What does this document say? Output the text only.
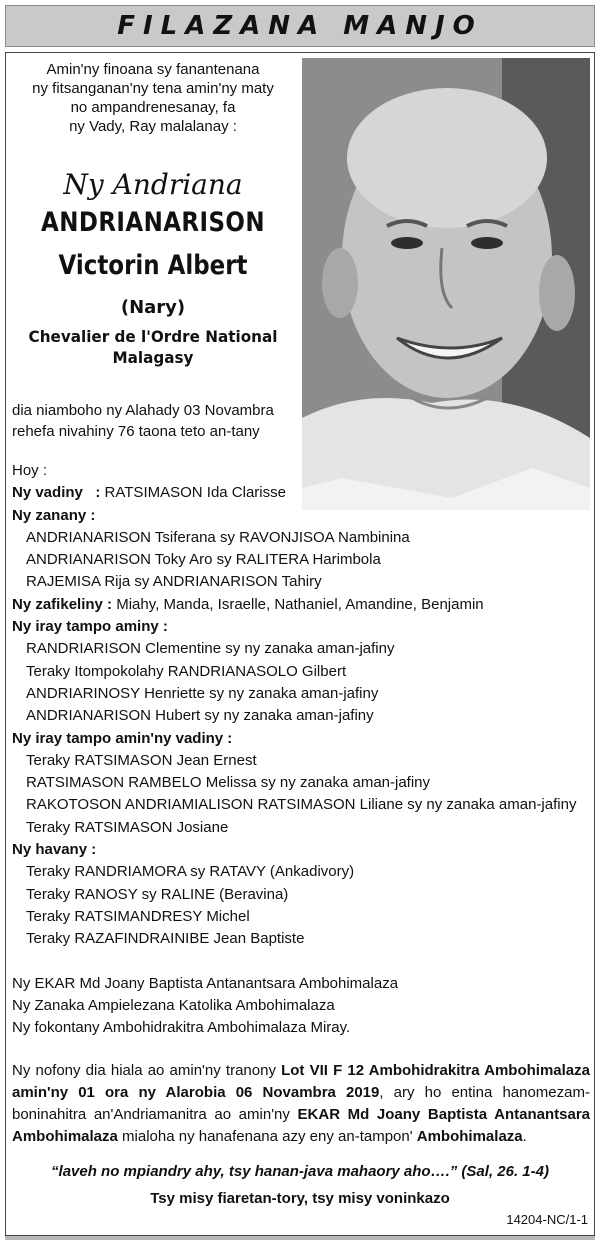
FILAZANA MANJO
Amin'ny finoana sy fanantenana
ny fitsanganan'ny tena amin'ny maty
no ampandrenesanay, fa
ny Vady, Ray malalanay :
Ny Andriana
ANDRIANARISON
Victorin Albert
(Nary)
Chevalier de l'Ordre National
Malagasy
dia niamboho ny Alahady 03 Novambra
rehefa nivahiny 76 taona teto an-tany
Hoy :
Ny vadiny   : RATSIMASON Ida Clarisse
Ny zanany :
ANDRIANARISON Tsiferana sy RAVONJISOA Nambinina
ANDRIANARISON Toky Aro sy RALITERA Harimbola
RAJEMISA Rija sy ANDRIANARISON Tahiry
Ny zafikeliny : Miahy, Manda, Israelle, Nathaniel, Amandine, Benjamin
Ny iray tampo aminy :
RANDRIARISON Clementine sy ny zanaka aman-jafiny
Teraky Itompokolahy RANDRIANASOLO Gilbert
ANDRIARINOSY Henriette sy ny zanaka aman-jafiny
ANDRIANARISON Hubert sy ny zanaka aman-jafiny
Ny iray tampo amin'ny vadiny :
Teraky RATSIMASON Jean Ernest
RATSIMASON RAMBELO Melissa sy ny zanaka aman-jafiny
RAKOTOSON ANDRIAMIALISON RATSIMASON Liliane sy ny zanaka aman-jafiny
Teraky RATSIMASON Josiane
Ny havany :
Teraky RANDRIAMORA sy RATAVY (Ankadivory)
Teraky RANOSY sy RALINE (Beravina)
Teraky RATSIMANDRESY Michel
Teraky RAZAFINDRAINIBE Jean Baptiste
Ny EKAR Md Joany Baptista Antanantsara Ambohimalaza
Ny Zanaka Ampielezana Katolika Ambohimalaza
Ny fokontany Ambohidrakitra Ambohimalaza Miray.
Ny nofony dia hiala ao amin'ny tranony Lot VII F 12 Ambohidrakitra Ambohimalaza amin'ny 01 ora ny Alarobia 06 Novambra 2019, ary ho entina hanomezam-boninahitra an'Andriamanitra ao amin'ny EKAR Md Joany Baptista Antanantsara Ambohimalaza mialoha ny hanafenana azy eny an-tampon' Ambohimalaza.
“laveh no mpiandry ahy, tsy hanan-java mahaory aho….” (Sal, 26. 1-4)
Tsy misy fiaretan-tory, tsy misy voninkazo
14204-NC/1-1
